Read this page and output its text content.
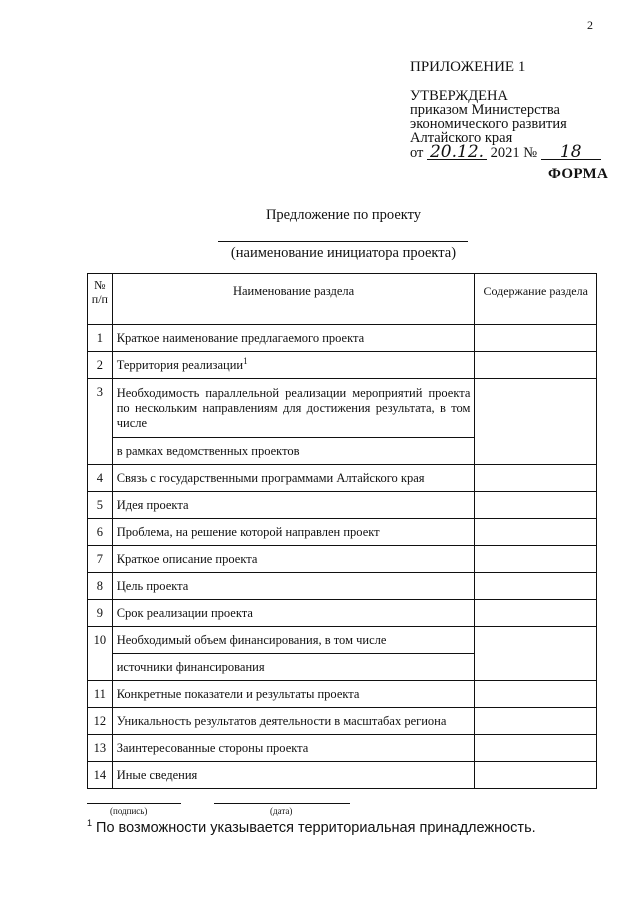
2
ПРИЛОЖЕНИЕ 1
УТВЕРЖДЕНА
приказом Министерства
экономического развития
Алтайского края
от 20.12. 2021 № 18
ФОРМА
Предложение по проекту
(наименование инициатора проекта)
№ п/п	Наименование раздела	Содержание раздела
1	Краткое наименование предлагаемого проекта	
2	Территория реализации$^1$	
3	Необходимость параллельной реализации мероприятий проекта по нескольким направлениям для достижения результата, в том числе	
	в рамках ведомственных проектов	
4	Связь с государственными программами Алтайского края	
5	Идея проекта	
6	Проблема, на решение которой направлен проект	
7	Краткое описание проекта	
8	Цель проекта	
9	Срок реализации проекта	
10	Необходимый объем финансирования, в том числе	
	источники финансирования	
11	Конкретные показатели и результаты проекта	
12	Уникальность результатов деятельности в масштабах региона	
13	Заинтересованные стороны проекта	
14	Иные сведения	
(подпись)	(дата)
$^1$ По возможности указывается территориальная принадлежность.
